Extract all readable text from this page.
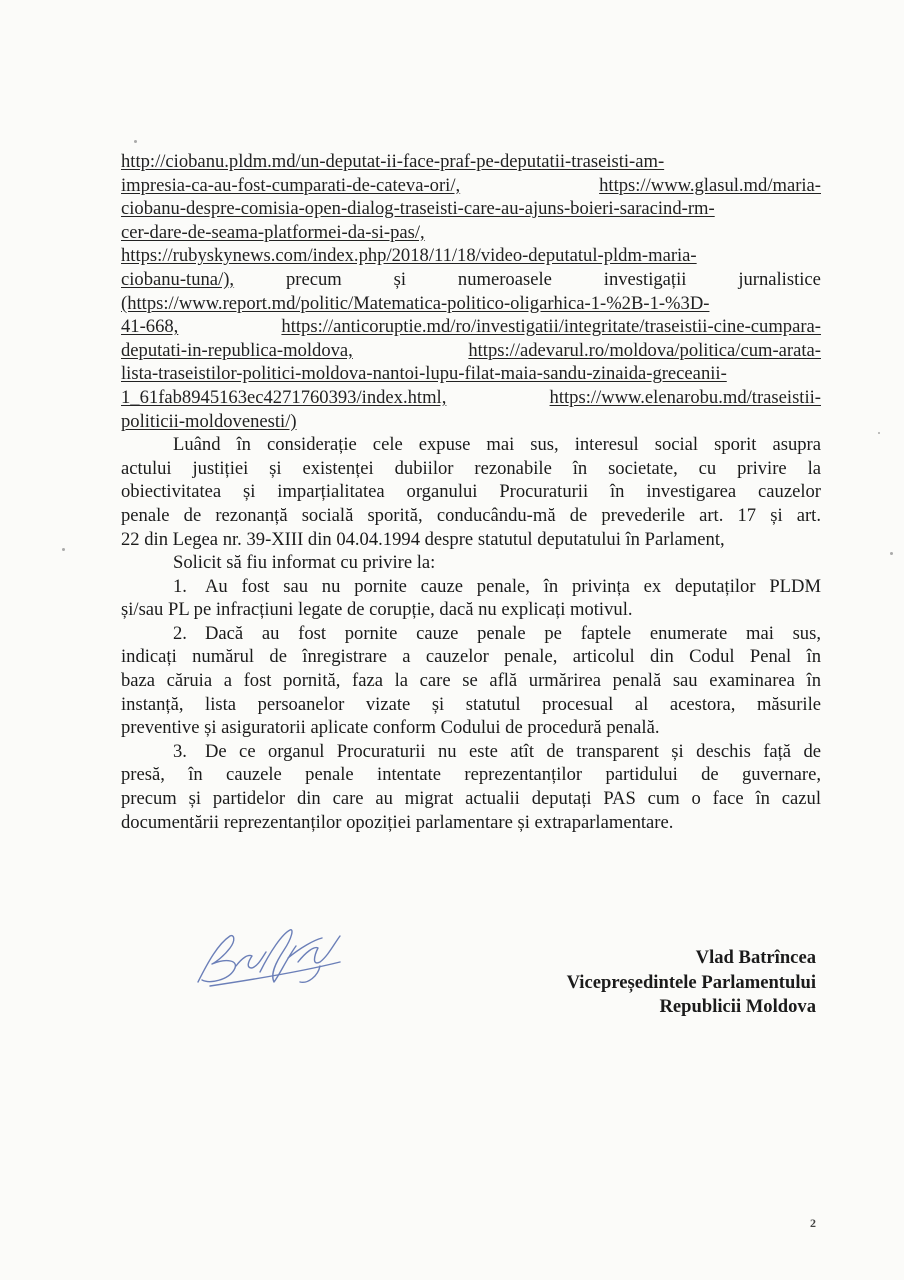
http://ciobanu.pldm.md/un-deputat-ii-face-praf-pe-deputatii-traseisti-am-
impresia-ca-au-fost-cumparati-de-cateva-ori/,	https://www.glasul.md/maria-
ciobanu-despre-comisia-open-dialog-traseisti-care-au-ajuns-boieri-saracind-rm-
cer-dare-de-seama-platformei-da-si-pas/,
https://rubyskynews.com/index.php/2018/11/18/video-deputatul-pldm-maria-
ciobanu-tuna/),	precum	și	numeroasele	investigații	jurnalistice
(https://www.report.md/politic/Matematica-politico-oligarhica-1-%2B-1-%3D-
41-668,	https://anticoruptie.md/ro/investigatii/integritate/traseistii-cine-cumpara-
deputati-in-republica-moldova,	https://adevarul.ro/moldova/politica/cum-arata-
lista-traseistilor-politici-moldova-nantoi-lupu-filat-maia-sandu-zinaida-greceanii-
1_61fab8945163ec4271760393/index.html,	https://www.elenarobu.md/traseistii-
politicii-moldovenesti/)
Luând în considerație cele expuse mai sus, interesul social sporit asupra
actului justiției și existenței dubiilor rezonabile în societate, cu privire la
obiectivitatea și imparțialitatea organului Procuraturii în investigarea cauzelor
penale de rezonanță socială sporită, conducându-mă de prevederile art. 17 și art.
22 din Legea nr. 39-XIII din 04.04.1994 despre statutul deputatului în Parlament,
Solicit să fiu informat cu privire la:
1. Au fost sau nu pornite cauze penale, în privința ex deputaților PLDM
și/sau PL pe infracțiuni legate de corupție, dacă nu explicați motivul.
2. Dacă au fost pornite cauze penale pe faptele enumerate mai sus,
indicați numărul de înregistrare a cauzelor penale, articolul din Codul Penal în
baza căruia a fost pornită, faza la care se află urmărirea penală sau examinarea în
instanță, lista persoanelor vizate și statutul procesual al acestora, măsurile
preventive și asiguratorii aplicate conform Codului de procedură penală.
3. De ce organul Procuraturii nu este atît de transparent și deschis față de
presă, în cauzele penale intentate reprezentanților partidului de guvernare,
precum și partidelor din care au migrat actualii deputați PAS cum o face în cazul
documentării reprezentanților opoziției parlamentare și extraparlamentare.
Vlad Batrîncea
Vicepreședintele Parlamentului
Republicii Moldova
2
